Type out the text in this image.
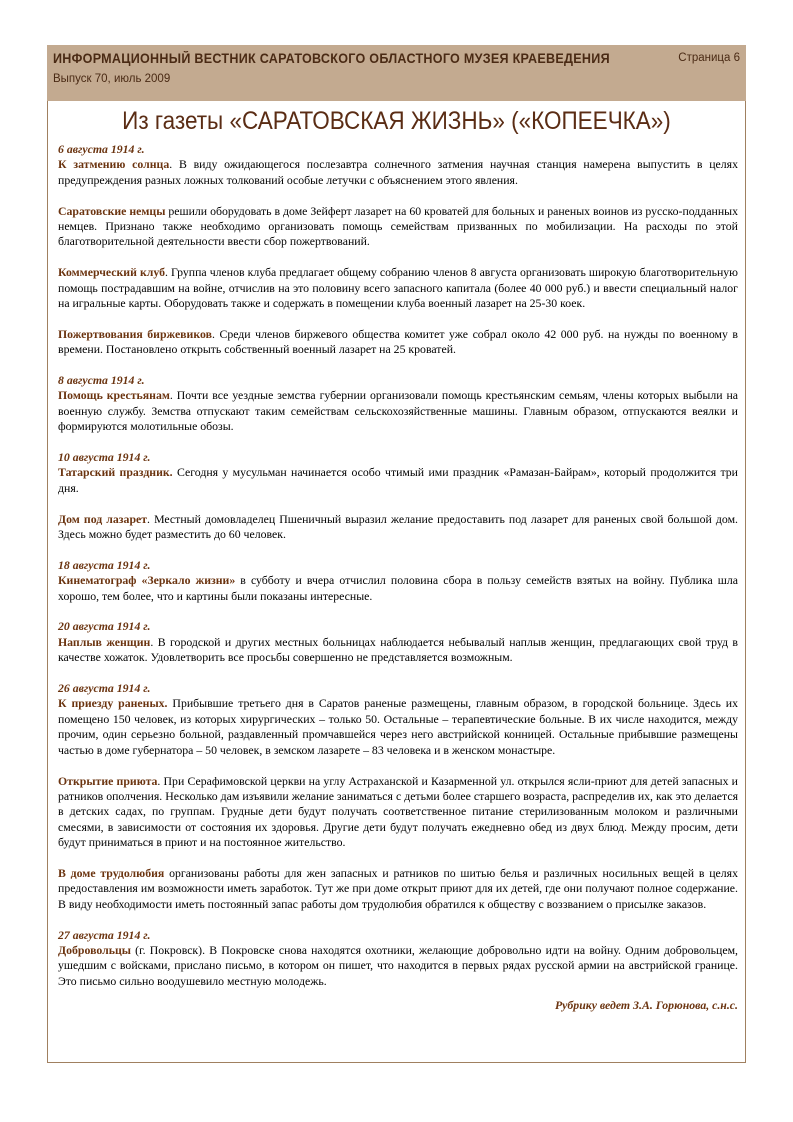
ИНФОРМАЦИОННЫЙ ВЕСТНИК САРАТОВСКОГО ОБЛАСТНОГО МУЗЕЯ КРАЕВЕДЕНИЯ
Выпуск 70, июль 2009
Страница 6
Из газеты «САРАТОВСКАЯ ЖИЗНЬ» («КОПЕЕЧКА»)

6 августа 1914 г.

К затмению солнца. В виду ожидающегося послезавтра солнечного затмения научная станция намерена выпустить в целях предупреждения разных ложных толкований особые летучки с объяснением этого явления.

Саратовские немцы решили оборудовать в доме Зейферт лазарет на 60 кроватей для больных и раненых воинов из русско-подданных немцев. Признано также необходимо организовать помощь семействам призванных по мобилизации. На расходы по этой благотворительной деятельности ввести сбор пожертвований.

Коммерческий клуб. Группа членов клуба предлагает общему собранию членов 8 августа организовать широкую благотворительную помощь пострадавшим на войне, отчислив на это половину всего запасного капитала (более 40 000 руб.) и ввести специальный налог на игральные карты. Оборудовать также и содержать в помещении клуба военный лазарет на 25-30 коек.

Пожертвования биржевиков. Среди членов биржевого общества комитет уже собрал около 42 000 руб. на нужды по военному в времени. Постановлено открыть собственный военный лазарет на 25 кроватей.

8 августа 1914 г.

Помощь крестьянам. Почти все уездные земства губернии организовали помощь крестьянским семьям, члены которых выбыли на военную службу. Земства отпускают таким семействам сельскохозяйственные машины. Главным образом, отпускаются веялки и формируются молотильные обозы.

10 августа 1914 г.

Татарский праздник. Сегодня у мусульман начинается особо чтимый ими праздник «Рамазан-Байрам», который продолжится три дня.

Дом под лазарет. Местный домовладелец Пшеничный выразил желание предоставить под лазарет для раненых свой большой дом. Здесь можно будет разместить до 60 человек.

18 августа 1914 г.

Кинематограф «Зеркало жизни» в субботу и вчера отчислил половина сбора в пользу семейств взятых на войну. Публика шла хорошо, тем более, что и картины были показаны интересные.

20 августа 1914 г.

Наплыв женщин. В городской и других местных больницах наблюдается небывалый наплыв женщин, предлагающих свой труд в качестве хожаток. Удовлетворить все просьбы совершенно не представляется возможным.

26 августа 1914 г.

К приезду раненых. Прибывшие третьего дня в Саратов раненые размещены, главным образом, в городской больнице. Здесь их помещено 150 человек, из которых хирургических – только 50. Остальные – терапевтические больные. В их числе находится, между прочим, один серьезно больной, раздавленный промчавшейся через него австрийской конницей. Остальные прибывшие размещены частью в доме губернатора – 50 человек, в земском лазарете – 83 человека и в женском монастыре.

Открытие приюта. При Серафимовской церкви на углу Астраханской и Казарменной ул. открылся ясли-приют для детей запасных и ратников ополчения. Несколько дам изъявили желание заниматься с детьми более старшего возраста, распределив их, как это делается в детских садах, по группам. Грудные дети будут получать соответственное питание стерилизованным молоком и различными смесями, в зависимости от состояния их здоровья. Другие дети будут получать ежедневно обед из двух блюд. Между просим, дети будут приниматься в приют и на постоянное жительство.

В доме трудолюбия организованы работы для жен запасных и ратников по шитью белья и различных носильных вещей в целях предоставления им возможности иметь заработок. Тут же при доме открыт приют для их детей, где они получают полное содержание. В виду необходимости иметь постоянный запас работы дом трудолюбия обратился к обществу с воззванием о присылке заказов.

27 августа 1914 г.

Добровольцы (г. Покровск). В Покровске снова находятся охотники, желающие добровольно идти на войну. Одним добровольцем, ушедшим с войсками, прислано письмо, в котором он пишет, что находится в первых рядах русской армии на австрийской границе. Это письмо сильно воодушевило местную молодежь.

Рубрику ведет З.А. Горюнова, с.н.с.
